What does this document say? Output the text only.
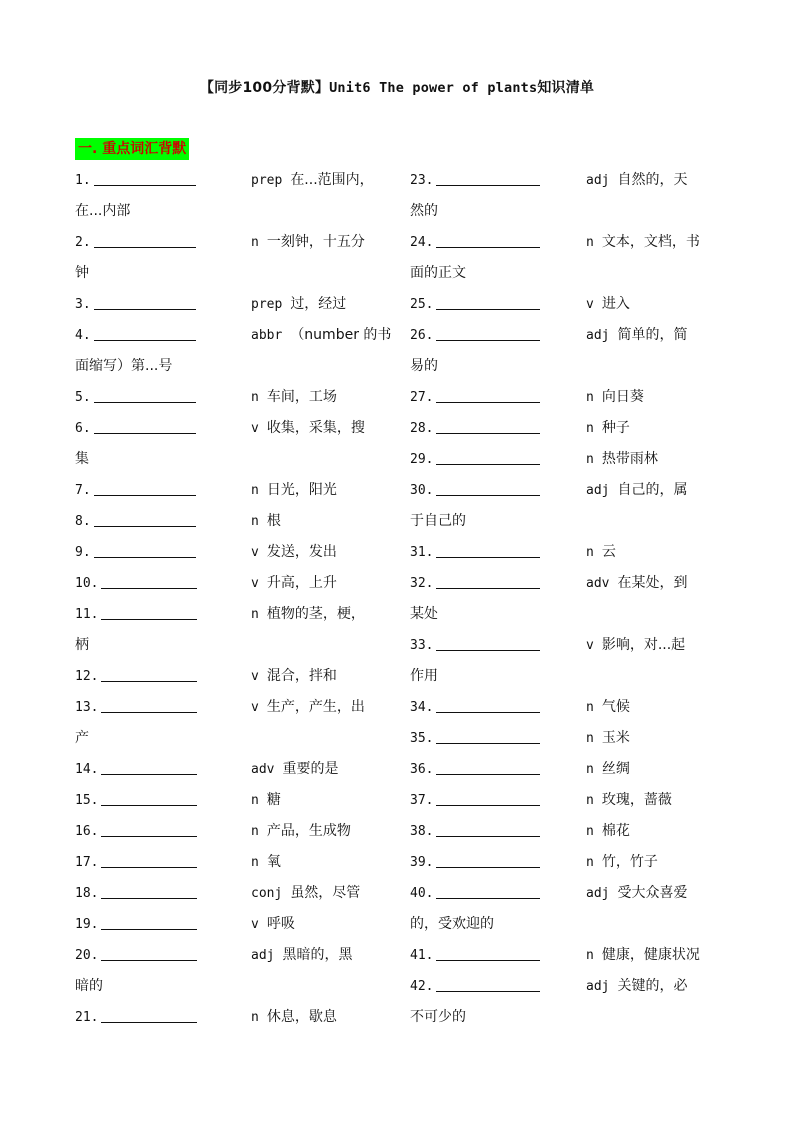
【同步100分背默】Unit6 The power of plants知识清单
一. 重点词汇背默
1.	prep 在...范围内，
在...内部
2.	n 一刻钟，十五分
钟
3.	prep 过，经过
4.	abbr （number 的书
面缩写）第...号
5.	n 车间，工场
6.	v 收集，采集，搜
集
7.	n 日光，阳光
8.	n 根
9.	v 发送，发出
10.	v 升高，上升
11.	n 植物的茎，梗，
柄
12.	v 混合，拌和
13.	v 生产，产生，出
产
14.	adv 重要的是
15.	n 糖
16.	n 产品，生成物
17.	n 氧
18.	conj 虽然，尽管
19.	v 呼吸
20.	adj 黑暗的，黑
暗的
21.	n 休息，歇息
23.	adj 自然的，天
然的
24.	n 文本，文档，书
面的正文
25.	v 进入
26.	adj 简单的，简
易的
27.	n 向日葵
28.	n 种子
29.	n 热带雨林
30.	adj 自己的，属
于自己的
31.	n 云
32.	adv 在某处，到
某处
33.	v 影响，对...起
作用
34.	n 气候
35.	n 玉米
36.	n 丝绸
37.	n 玫瑰，蔷薇
38.	n 棉花
39.	n 竹，竹子
40.	adj 受大众喜爱
的，受欢迎的
41.	n 健康，健康状况
42.	adj 关键的，必
不可少的
